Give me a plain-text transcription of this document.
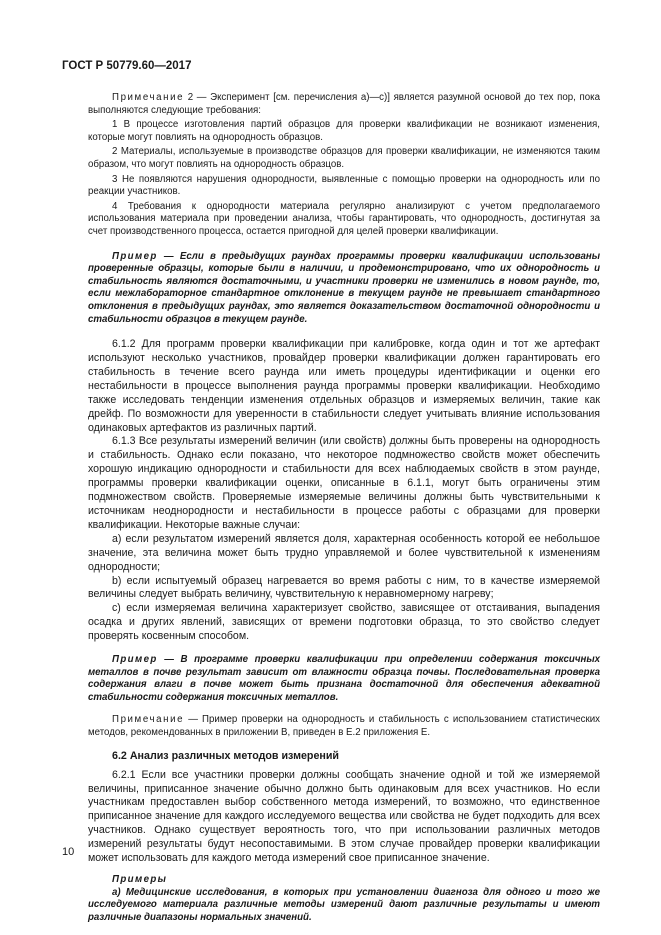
ГОСТ Р 50779.60—2017

Примечание 2 — Эксперимент [см. перечисления a)—c)] является разумной основой до тех пор, пока выполняются следующие требования:

1 В процессе изготовления партий образцов для проверки квалификации не возникают изменения, которые могут повлиять на однородность образцов.

2 Материалы, используемые в производстве образцов для проверки квалификации, не изменяются таким образом, что могут повлиять на однородность образцов.

3 Не появляются нарушения однородности, выявленные с помощью проверки на однородность или по реакции участников.

4 Требования к однородности материала регулярно анализируют с учетом предполагаемого использования материала при проведении анализа, чтобы гарантировать, что однородность, достигнутая за счет производственного процесса, остается пригодной для целей проверки квалификации.

Пример — Если в предыдущих раундах программы проверки квалификации использованы проверенные образцы, которые были в наличии, и продемонстрировано, что их однородность и стабильность являются достаточными, и участники проверки не изменились в новом раунде, то, если межлабораторное стандартное отклонение в текущем раунде не превышает стандартного отклонения в предыдущих раундах, это является доказательством достаточной однородности и стабильности образцов в текущем раунде.

6.1.2 Для программ проверки квалификации при калибровке, когда один и тот же артефакт используют несколько участников, провайдер проверки квалификации должен гарантировать его стабильность в течение всего раунда или иметь процедуры идентификации и оценки его нестабильности в процессе выполнения раунда программы проверки квалификации. Необходимо также исследовать тенденции изменения отдельных образцов и измеряемых величин, такие как дрейф. По возможности для уверенности в стабильности следует учитывать влияние использования одинаковых артефактов из различных партий.

6.1.3 Все результаты измерений величин (или свойств) должны быть проверены на однородность и стабильность. Однако если показано, что некоторое подмножество свойств может обеспечить хорошую индикацию однородности и стабильности для всех наблюдаемых свойств в этом раунде, программы проверки квалификации оценки, описанные в 6.1.1, могут быть ограничены этим подмножеством свойств. Проверяемые измеряемые величины должны быть чувствительными к источникам неоднородности и нестабильности в процессе работы с образцами для проверки квалификации. Некоторые важные случаи:

a) если результатом измерений является доля, характерная особенность которой ее небольшое значение, эта величина может быть трудно управляемой и более чувствительной к изменениям однородности;

b) если испытуемый образец нагревается во время работы с ним, то в качестве измеряемой величины следует выбрать величину, чувствительную к неравномерному нагреву;

c) если измеряемая величина характеризует свойство, зависящее от отстаивания, выпадения осадка и других явлений, зависящих от времени подготовки образца, то это свойство следует проверять косвенным способом.

Пример — В программе проверки квалификации при определении содержания токсичных металлов в почве результат зависит от влажности образца почвы. Последовательная проверка содержания влаги в почве может быть признана достаточной для обеспечения адекватной стабильности содержания токсичных металлов.

Примечание — Пример проверки на однородность и стабильность с использованием статистических методов, рекомендованных в приложении В, приведен в Е.2 приложения Е.

6.2 Анализ различных методов измерений

6.2.1 Если все участники проверки должны сообщать значение одной и той же измеряемой величины, приписанное значение обычно должно быть одинаковым для всех участников. Но если участникам предоставлен выбор собственного метода измерений, то возможно, что единственное приписанное значение для каждого исследуемого вещества или свойства не будет подходить для всех участников. Однако существует вероятность того, что при использовании различных методов измерений результаты будут несопоставимыми. В этом случае провайдер проверки квалификации может использовать для каждого метода измерений свое приписанное значение.

Примеры

a) Медицинские исследования, в которых при установлении диагноза для одного и того же исследуемого материала различные методы измерений дают различные результаты и имеют различные диапазоны нормальных значений.

10
